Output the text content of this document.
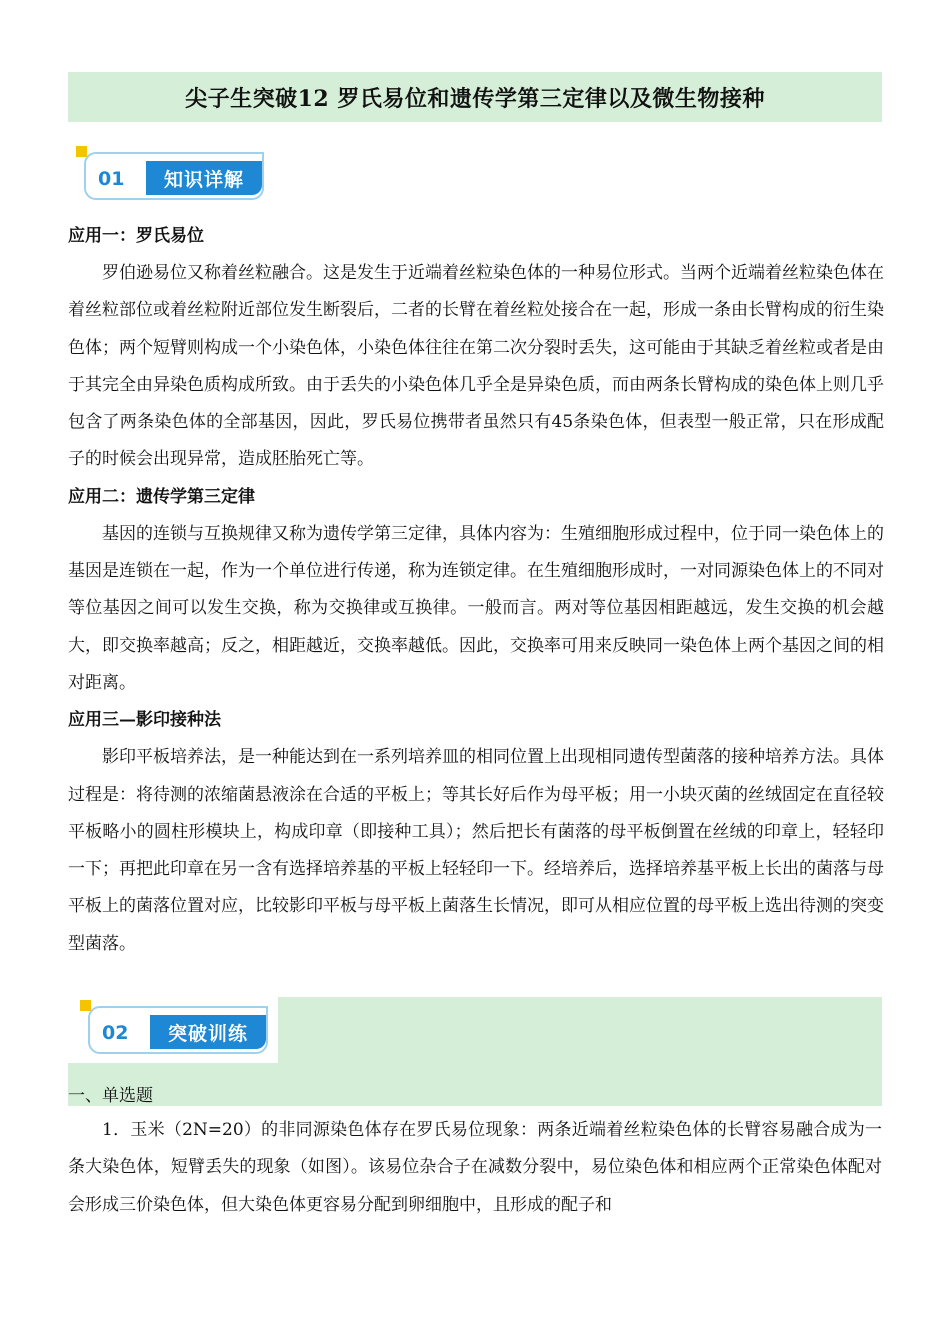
尖子生突破12 罗氏易位和遗传学第三定律以及微生物接种
01	知识详解

应用一：罗氏易位

罗伯逊易位又称着丝粒融合。这是发生于近端着丝粒染色体的一种易位形式。当两个近端着丝粒染色体在着丝粒部位或着丝粒附近部位发生断裂后，二者的长臂在着丝粒处接合在一起，形成一条由长臂构成的衍生染色体；两个短臂则构成一个小染色体，小染色体往往在第二次分裂时丢失，这可能由于其缺乏着丝粒或者是由于其完全由异染色质构成所致。由于丢失的小染色体几乎全是异染色质，而由两条长臂构成的染色体上则几乎包含了两条染色体的全部基因，因此，罗氏易位携带者虽然只有45条染色体，但表型一般正常，只在形成配子的时候会出现异常，造成胚胎死亡等。

应用二：遗传学第三定律

基因的连锁与互换规律又称为遗传学第三定律，具体内容为：生殖细胞形成过程中，位于同一染色体上的基因是连锁在一起，作为一个单位进行传递，称为连锁定律。在生殖细胞形成时，一对同源染色体上的不同对等位基因之间可以发生交换，称为交换律或互换律。一般而言。两对等位基因相距越远，发生交换的机会越大，即交换率越高；反之，相距越近，交换率越低。因此，交换率可用来反映同一染色体上两个基因之间的相对距离。

应用三—影印接种法

影印平板培养法，是一种能达到在一系列培养皿的相同位置上出现相同遗传型菌落的接种培养方法。具体过程是：将待测的浓缩菌悬液涂在合适的平板上；等其长好后作为母平板；用一小块灭菌的丝绒固定在直径较平板略小的圆柱形模块上，构成印章（即接种工具）；然后把长有菌落的母平板倒置在丝绒的印章上，轻轻印一下；再把此印章在另一含有选择培养基的平板上轻轻印一下。经培养后，选择培养基平板上长出的菌落与母平板上的菌落位置对应，比较影印平板与母平板上菌落生长情况，即可从相应位置的母平板上选出待测的突变型菌落。

02	突破训练
一、单选题

1．玉米（2N=20）的非同源染色体存在罗氏易位现象：两条近端着丝粒染色体的长臂容易融合成为一条大染色体，短臂丢失的现象（如图）。该易位杂合子在减数分裂中，易位染色体和相应两个正常染色体配对会形成三价染色体，但大染色体更容易分配到卵细胞中，且形成的配子和
